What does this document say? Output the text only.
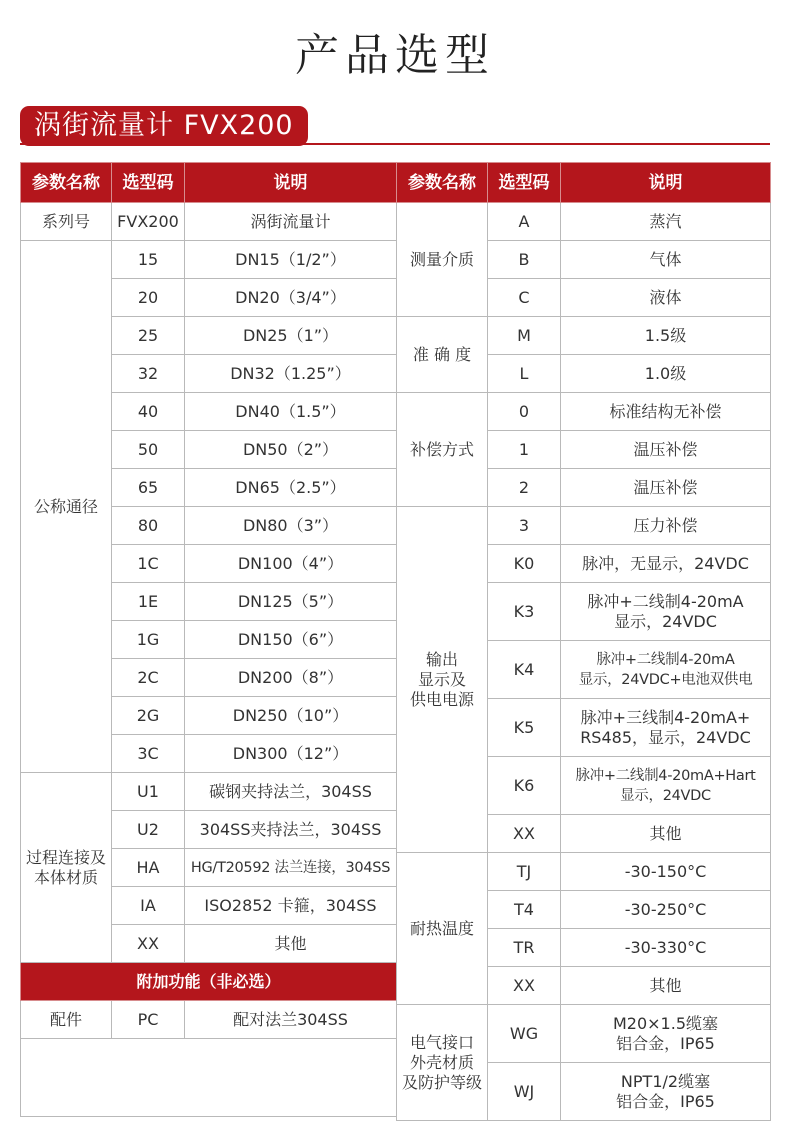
产品选型
涡街流量计 FVX200
参数名称	选型码	说明
系列号	FVX200	涡街流量计
公称通径	15	DN15（1/2”）
	20	DN20（3/4”）
	25	DN25（1”）
	32	DN32（1.25”）
	40	DN40（1.5”）
	50	DN50（2”）
	65	DN65（2.5”）
	80	DN80（3”）
	1C	DN100（4”）
	1E	DN125（5”）
	1G	DN150（6”）
	2C	DN200（8”）
	2G	DN250（10”）
	3C	DN300（12”）
过程连接及
本体材质	U1	碳钢夹持法兰，304SS
	U2	304SS夹持法兰，304SS
	HA	HG/T20592 法兰连接，304SS
	IA	ISO2852 卡箍，304SS
	XX	其他
附加功能（非必选）		
配件	PC	配对法兰304SS

参数名称	选型码	说明
测量介质	A	蒸汽
	B	气体
	C	液体
准 确 度	M	1.5级
	L	1.0级
补偿方式	0	标准结构无补偿
	1	温压补偿
	2	温压补偿
输出
显示及
供电电源	3	压力补偿
	K0	脉冲，无显示，24VDC
	K3	脉冲+二线制4-20mA
显示，24VDC
	K4	脉冲+二线制4-20mA
显示，24VDC+电池双供电
	K5	脉冲+三线制4-20mA+
RS485，显示，24VDC
	K6	脉冲+二线制4-20mA+Hart
显示，24VDC
	XX	其他
耐热温度	TJ	-30-150°C
	T4	-30-250°C
	TR	-30-330°C
	XX	其他
电气接口
外壳材质
及防护等级	WG	M20×1.5缆塞
铝合金，IP65
	WJ	NPT1/2缆塞
铝合金，IP65
